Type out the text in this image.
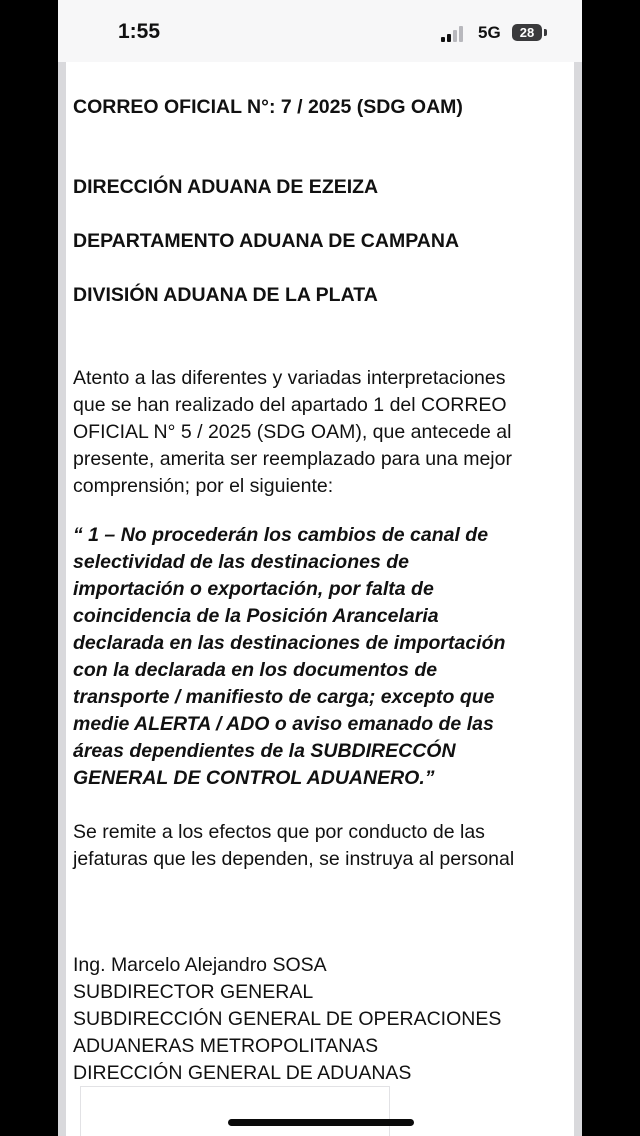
1:55	5G	28

CORREO OFICIAL N°: 7 / 2025 (SDG OAM)

DIRECCIÓN ADUANA DE EZEIZA

DEPARTAMENTO ADUANA DE CAMPANA

DIVISIÓN ADUANA DE LA PLATA

Atento a las diferentes y variadas interpretaciones

que se han realizado del apartado 1 del CORREO

OFICIAL N° 5 / 2025 (SDG OAM), que antecede al

presente, amerita ser reemplazado para una mejor

comprensión; por el siguiente:

“ 1 – No procederán los cambios de canal de

selectividad de las destinaciones de

importación o exportación, por falta de

coincidencia de la Posición Arancelaria

declarada en las destinaciones de importación

con la declarada en los documentos de

transporte / manifiesto de carga; excepto que

medie ALERTA / ADO o aviso emanado de las

áreas dependientes de la SUBDIRECCÓN

GENERAL DE CONTROL ADUANERO.”

Se remite a los efectos que por conducto de las

jefaturas que les dependen, se instruya al personal

Ing. Marcelo Alejandro SOSA

SUBDIRECTOR GENERAL

SUBDIRECCIÓN GENERAL DE OPERACIONES

ADUANERAS METROPOLITANAS

DIRECCIÓN GENERAL DE ADUANAS
